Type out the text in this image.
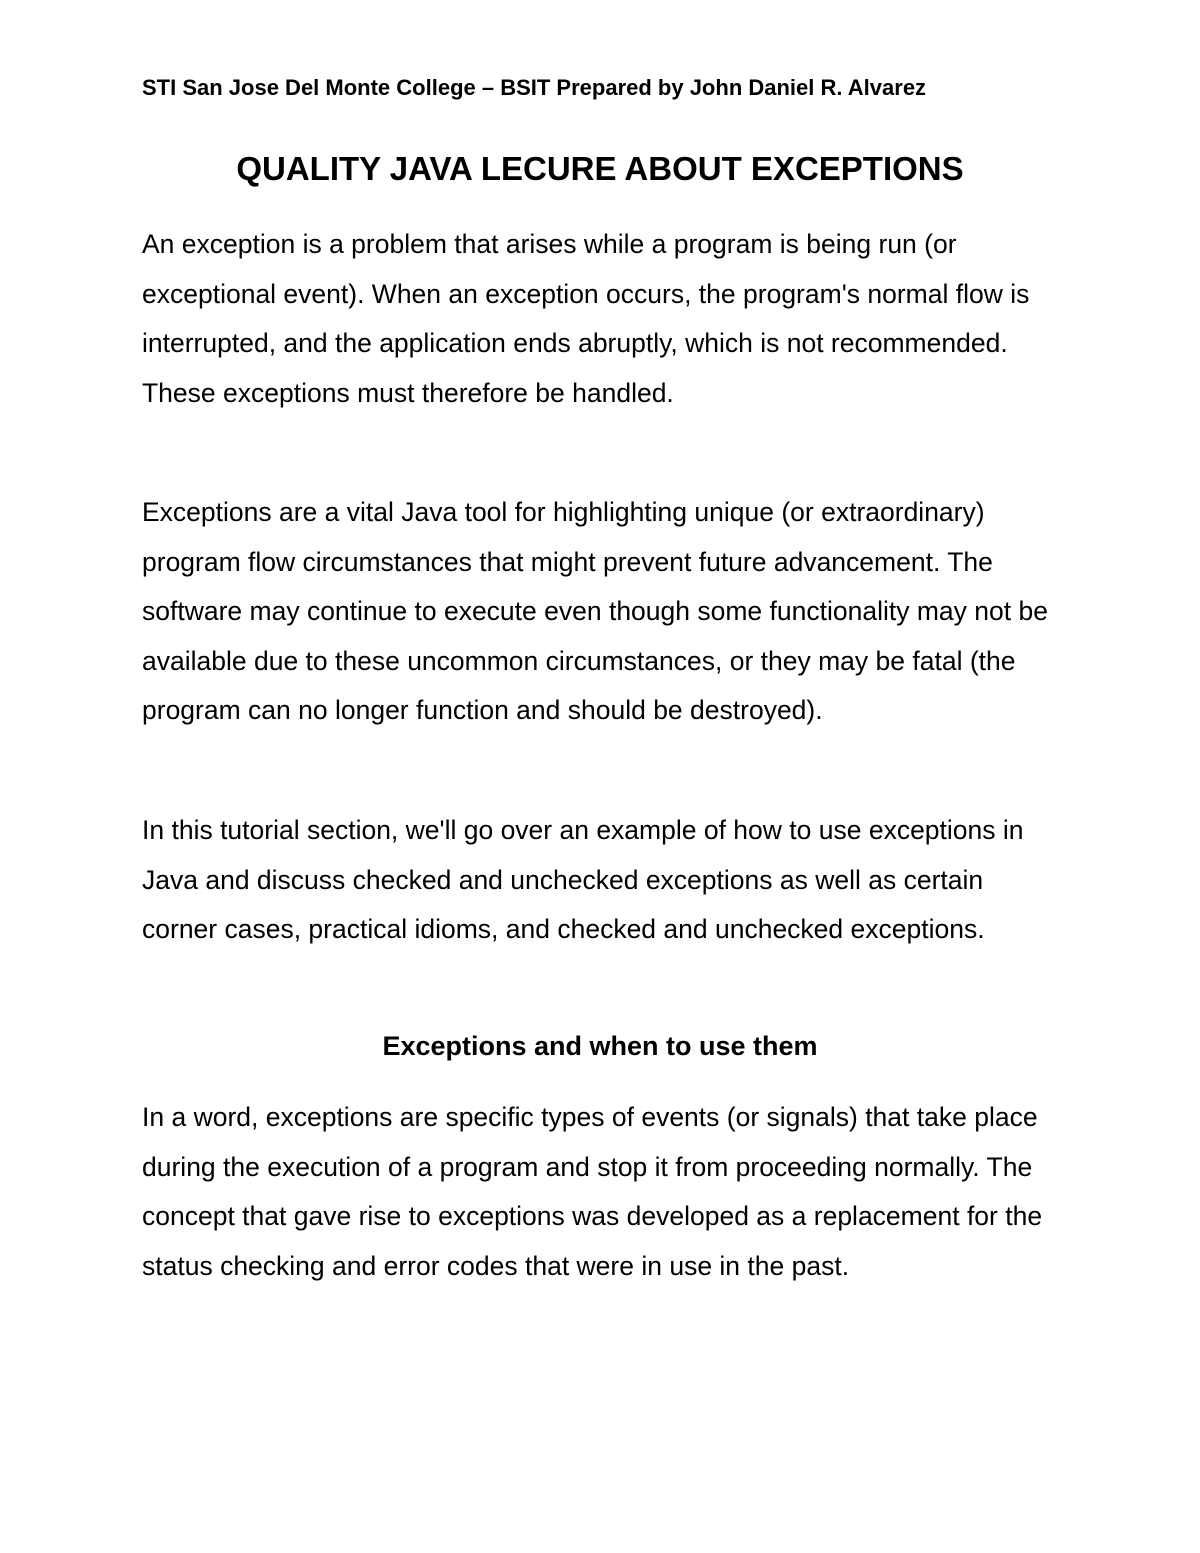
STI San Jose Del Monte College – BSIT Prepared by John Daniel R. Alvarez
QUALITY JAVA LECURE ABOUT EXCEPTIONS

An exception is a problem that arises while a program is being run (or exceptional event). When an exception occurs, the program's normal flow is interrupted, and the application ends abruptly, which is not recommended. These exceptions must therefore be handled.

Exceptions are a vital Java tool for highlighting unique (or extraordinary) program flow circumstances that might prevent future advancement. The software may continue to execute even though some functionality may not be available due to these uncommon circumstances, or they may be fatal (the program can no longer function and should be destroyed).

In this tutorial section, we'll go over an example of how to use exceptions in Java and discuss checked and unchecked exceptions as well as certain corner cases, practical idioms, and checked and unchecked exceptions.

Exceptions and when to use them

In a word, exceptions are specific types of events (or signals) that take place during the execution of a program and stop it from proceeding normally. The concept that gave rise to exceptions was developed as a replacement for the status checking and error codes that were in use in the past.
